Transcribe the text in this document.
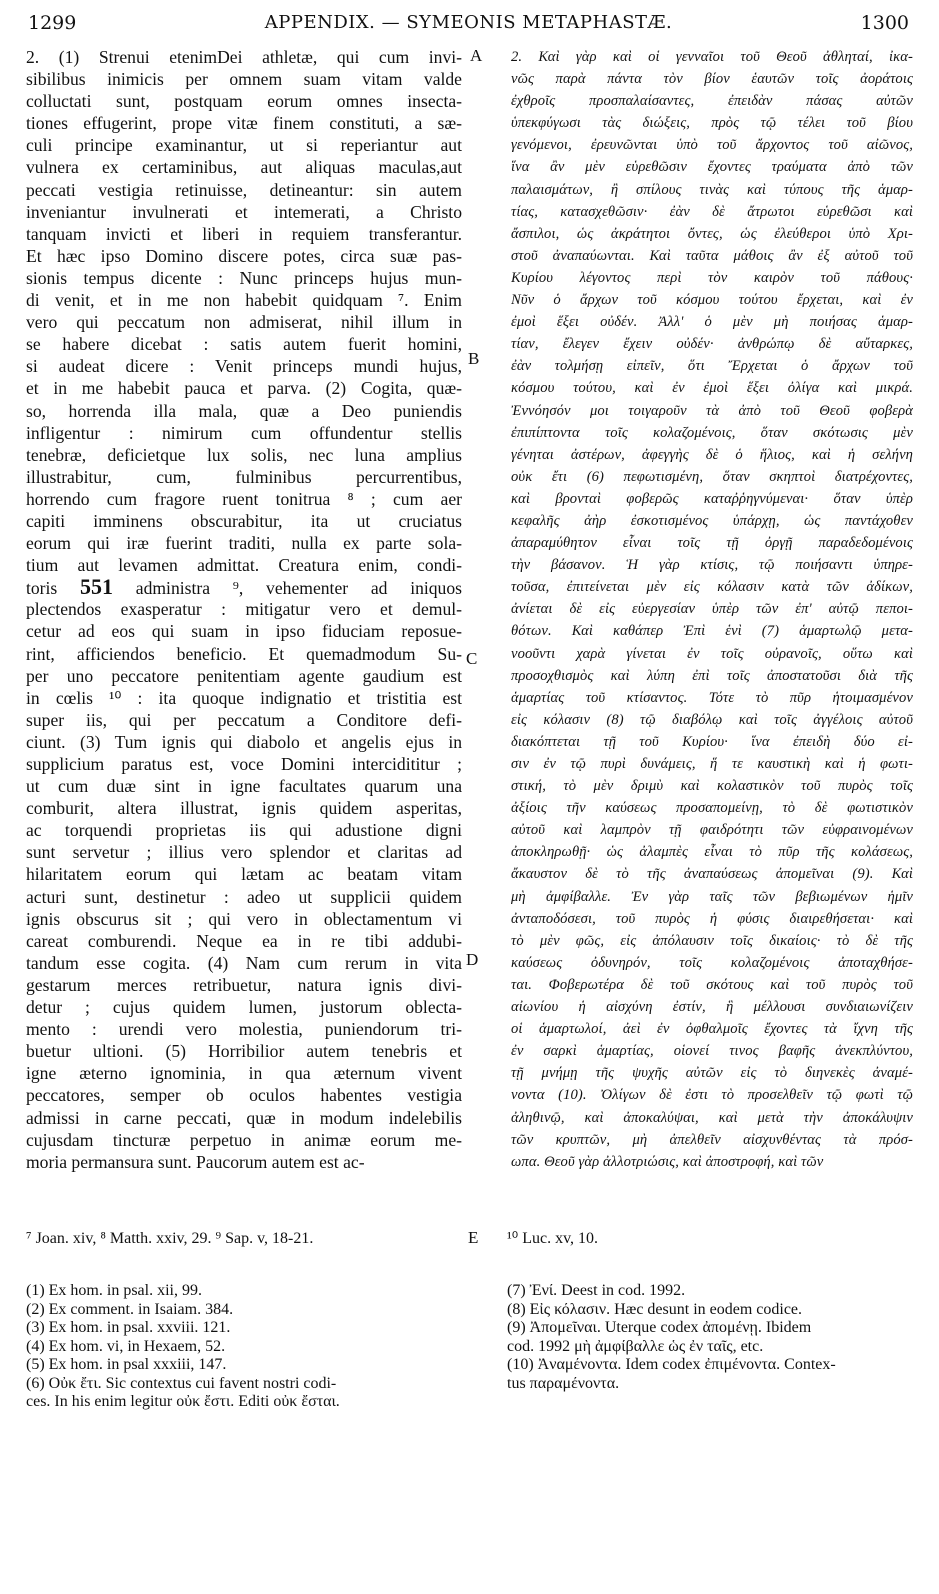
1299	APPENDIX. — SYMEONIS METAPHASTÆ.	1300
2. (1) Strenui etenimDei athletæ, qui cum invi-
sibilibus inimicis per omnem suam vitam valde
colluctati sunt, postquam eorum omnes insecta-
tiones effugerint, prope vitæ finem constituti, a sæ-
culi principe examinantur, ut si reperiantur aut
vulnera ex certaminibus, aut aliquas maculas,aut
peccati vestigia retinuisse, detineantur: sin autem
inveniantur invulnerati et intemerati, a Christo
tanquam invicti et liberi in requiem transferantur.
Et hæc ipso Domino discere potes, circa suæ pas-
sionis tempus dicente : Nunc princeps hujus mun-
di venit, et in me non habebit quidquam ⁷. Enim
vero qui peccatum non admiserat, nihil illum in
se habere dicebat : satis autem fuerit homini,
si audeat dicere : Venit princeps mundi hujus,
et in me habebit pauca et parva. (2) Cogita, quæ-
so, horrenda illa mala, quæ a Deo puniendis
infligentur : nimirum cum offundentur stellis
tenebræ, deficietque lux solis, nec luna amplius
illustrabitur, cum, fulminibus percurrentibus,
horrendo cum fragore ruent tonitrua ⁸ ; cum aer
capiti imminens obscurabitur, ita ut cruciatus
eorum qui iræ fuerint traditi, nulla ex parte sola-
tium aut levamen admittat. Creatura enim, condi-
toris 551 administra ⁹, vehementer ad iniquos
plectendos exasperatur : mitigatur vero et demul-
cetur ad eos qui suam in ipso fiduciam reposue-
rint, afficiendos beneficio. Et quemadmodum Su-
per uno peccatore penitentiam agente gaudium est
in cœlis ¹⁰ : ita quoque indignatio et tristitia est
super iis, qui per peccatum a Conditore defi-
ciunt. (3) Tum ignis qui diabolo et angelis ejus in
supplicium paratus est, voce Domini intercidititur ;
ut cum duæ sint in igne facultates quarum una
comburit, altera illustrat, ignis quidem asperitas,
ac torquendi proprietas iis qui adustione digni
sunt servetur ; illius vero splendor et claritas ad
hilaritatem eorum qui lætam ac beatam vitam
acturi sunt, destinetur : adeo ut supplicii quidem
ignis obscurus sit ; qui vero in oblectamentum vi
careat comburendi. Neque ea in re tibi addubi-
tandum esse cogita. (4) Nam cum rerum in vita
gestarum merces retribuetur, natura ignis divi-
detur ; cujus quidem lumen, justorum oblecta-
mento : urendi vero molestia, puniendorum tri-
buetur ultioni. (5) Horribilior autem tenebris et
igne æterno ignominia, in qua æternum vivent
peccatores, semper ob oculos habentes vestigia
admissi in carne peccati, quæ in modum indelebilis
cujusdam tincturæ perpetuo in animæ eorum me-
moria permansura sunt. Paucorum autem est ac-
2. Καὶ γὰρ καὶ οἱ γενναῖοι τοῦ Θεοῦ ἀθληταί, ἰκα-
νῶς παρὰ πάντα τὸν βίον ἑαυτῶν τοῖς ἀοράτοις
ἐχθροῖς προσπαλαίσαντες, ἐπειδὰν πάσας αὐτῶν
ὑπεκφύγωσι τὰς διώξεις, πρὸς τῷ τέλει τοῦ βίου
γενόμενοι, ἐρευνῶνται ὑπὸ τοῦ ἄρχοντος τοῦ αἰῶνος,
ἵνα ἂν μὲν εὑρεθῶσιν ἔχοντες τραύματα ἀπὸ τῶν
παλαισμάτων, ἢ σπίλους τινὰς καὶ τύπους τῆς ἁμαρ-
τίας, κατασχεθῶσιν· ἐὰν δὲ ἄτρωτοι εὑρεθῶσι καὶ
ἄσπιλοι, ὡς ἀκράτητοι ὄντες, ὡς ἐλεύθεροι ὑπὸ Χρι-
στοῦ ἀναπαύωνται. Καὶ ταῦτα μάθοις ἂν ἐξ αὐτοῦ τοῦ
Κυρίου λέγοντος περὶ τὸν καιρὸν τοῦ πάθους·
Νῦν ὁ ἄρχων τοῦ κόσμου τούτου ἔρχεται, καὶ ἐν
ἐμοὶ ἕξει οὐδέν. Ἀλλ' ὁ μὲν μὴ ποιήσας ἁμαρ-
τίαν, ἔλεγεν ἔχειν οὐδέν· ἀνθρώπῳ δὲ αὔταρκες,
ἐὰν τολμήσῃ εἰπεῖν, ὅτι Ἔρχεται ὁ ἄρχων τοῦ
κόσμου τούτου, καὶ ἐν ἐμοὶ ἕξει ὀλίγα καὶ μικρά.
Ἐννόησόν μοι τοιγαροῦν τὰ ἀπὸ τοῦ Θεοῦ φοβερὰ
ἐπιπίπτοντα τοῖς κολαζομένοις, ὅταν σκότωσις μὲν
γένηται ἀστέρων, ἀφεγγὴς δὲ ὁ ἥλιος, καὶ ἡ σελήνη
οὐκ ἔτι (6) πεφωτισμένη, ὅταν σκηπτοὶ διατρέχοντες,
καὶ βρονταὶ φοβερῶς καταῤῥηγνύμεναι· ὅταν ὑπὲρ
κεφαλῆς ἀὴρ ἐσκοτισμένος ὑπάρχῃ, ὡς παντάχοθεν
ἀπαραμύθητον εἶναι τοῖς τῇ ὀργῇ παραδεδομένοις
τὴν βάσανον. Ἡ γὰρ κτίσις, τῷ ποιήσαντι ὑπηρε-
τοῦσα, ἐπιτείνεται μὲν εἰς κόλασιν κατὰ τῶν ἀδίκων,
ἀνίεται δὲ εἰς εὐεργεσίαν ὑπὲρ τῶν ἐπ' αὐτῷ πεποι-
θότων. Καὶ καθάπερ Ἐπὶ ἑνὶ (7) ἁμαρτωλῷ μετα-
νοοῦντι χαρὰ γίνεται ἐν τοῖς οὐρανοῖς, οὕτω καὶ
προσοχθισμὸς καὶ λύπη ἐπὶ τοῖς ἀποστατοῦσι διὰ τῆς
ἁμαρτίας τοῦ κτίσαντος. Τότε τὸ πῦρ ἡτοιμασμένον
εἰς κόλασιν (8) τῷ διαβόλῳ καὶ τοῖς ἀγγέλοις αὐτοῦ
διακόπτεται τῇ τοῦ Κυρίου· ἵνα ἐπειδὴ δύο εἰ-
σιν ἐν τῷ πυρὶ δυνάμεις, ἥ τε καυστικὴ καὶ ἡ φωτι-
στική, τὸ μὲν δριμὺ καὶ κολαστικὸν τοῦ πυρὸς τοῖς
ἀξίοις τῆν καύσεως προσαπομείνῃ, τὸ δὲ φωτιστικὸν
αὐτοῦ καὶ λαμπρὸν τῇ φαιδρότητι τῶν εὐφραινομένων
ἀποκληρωθῇ· ὡς ἀλαμπὲς εἶναι τὸ πῦρ τῆς κολάσεως,
ἄκαυστον δὲ τὸ τῆς ἀναπαύσεως ἀπομεῖναι (9). Καὶ
μὴ ἀμφίβαλλε. Ἐν γὰρ ταῖς τῶν βεβιωμένων ἡμῖν
ἀνταποδόσεσι, τοῦ πυρὸς ἡ φύσις διαιρεθήσεται· καὶ
τὸ μὲν φῶς, εἰς ἀπόλαυσιν τοῖς δικαίοις· τὸ δὲ τῆς
καύσεως ὀδυνηρόν, τοῖς κολαζομένοις ἀποταχθήσε-
ται. Φοβερωτέρα δὲ τοῦ σκότους καὶ τοῦ πυρὸς τοῦ
αἰωνίου ἡ αἰσχύνη ἐστίν, ἣ μέλλουσι συνδιαιωνίζειν
οἱ ἁμαρτωλοί, ἀεὶ ἐν ὀφθαλμοῖς ἔχοντες τὰ ἴχνη τῆς
ἐν σαρκὶ ἁμαρτίας, οἱονεί τινος βαφῆς ἀνεκπλύντου,
τῇ μνήμῃ τῆς ψυχῆς αὐτῶν εἰς τὸ διηνεκὲς ἀναμέ-
νοντα (10). Ὀλίγων δὲ ἐστι τὸ προσελθεῖν τῷ φωτὶ τῷ
ἀληθινῷ, καὶ ἀποκαλύψαι, καὶ μετὰ τὴν ἀποκάλυψιν
τῶν κρυπτῶν, μὴ ἀπελθεῖν αἰσχυνθέντας τὰ πρόσ-
ωπα. Θεοῦ γὰρ ἀλλοτριώσις, καὶ ἀποστροφή, καὶ τῶν
A
B
C
D
E
⁷ Joan. xiv, ⁸ Matth. xxiv, 29. ⁹ Sap. v, 18-21.	¹⁰ Luc. xv, 10.
(1) Ex hom. in psal. xii, 99.
(2) Ex comment. in Isaiam. 384.
(3) Ex hom. in psal. xxviii. 121.
(4) Ex hom. vi, in Hexaem, 52.
(5) Ex hom. in psal xxxiii, 147.
(6) Οὐκ ἔτι. Sic contextus cui favent nostri codi-
ces. In his enim legitur οὐκ ἔστι. Editi οὐκ ἔσται.
(7) Ἐνί. Deest in cod. 1992.
(8) Εἰς κόλασιν. Hæc desunt in eodem codice.
(9) Ἀπομεῖναι. Uterque codex ἀπομένῃ. Ibidem
cod. 1992 μὴ ἀμφίβαλλε ὡς ἐν ταῖς, etc.
(10) Ἀναμένοντα. Idem codex ἐπιμένοντα. Contex-
tus παραμένοντα.
